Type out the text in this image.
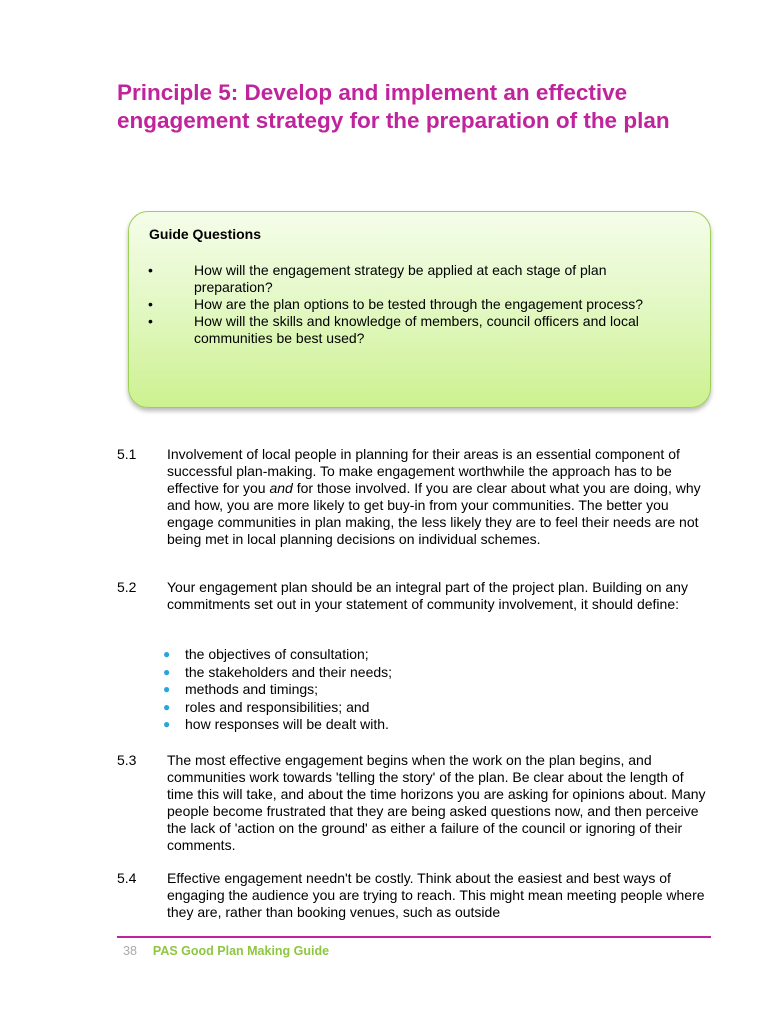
Principle 5: Develop and implement an effective engagement strategy for the preparation of the plan
Guide Questions
•	How will the engagement strategy be applied at each stage of plan preparation?
•	How are the plan options to be tested through the engagement process?
•	How will the skills and knowledge of members, council officers and local communities be best used?
5.1 Involvement of local people in planning for their areas is an essential component of successful plan-making. To make engagement worthwhile the approach has to be effective for you and for those involved. If you are clear about what you are doing, why and how, you are more likely to get buy-in from your communities. The better you engage communities in plan making, the less likely they are to feel their needs are not being met in local planning decisions on individual schemes.
5.2 Your engagement plan should be an integral part of the project plan. Building on any commitments set out in your statement of community involvement, it should define:
● the objectives of consultation;
● the stakeholders and their needs;
● methods and timings;
● roles and responsibilities; and
● how responses will be dealt with.
5.3 The most effective engagement begins when the work on the plan begins, and communities work towards 'telling the story' of the plan. Be clear about the length of time this will take, and about the time horizons you are asking for opinions about. Many people become frustrated that they are being asked questions now, and then perceive the lack of 'action on the ground' as either a failure of the council or ignoring of their comments.
5.4 Effective engagement needn't be costly. Think about the easiest and best ways of engaging the audience you are trying to reach. This might mean meeting people where they are, rather than booking venues, such as outside
38 PAS Good Plan Making Guide
